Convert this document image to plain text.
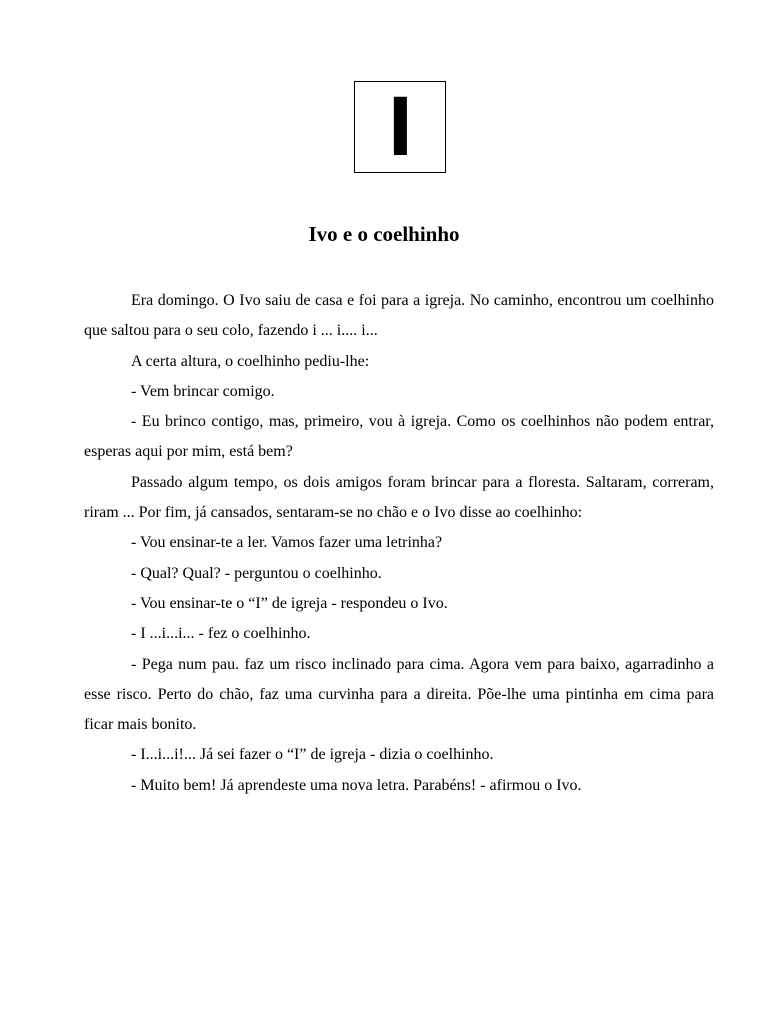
I
Ivo e o coelhinho

Era domingo. O Ivo saiu de casa e foi para a igreja. No caminho, encontrou um coelhinho que saltou para o seu colo, fazendo i ... i.... i...

A certa altura, o coelhinho pediu-lhe:

- Vem brincar comigo.

- Eu brinco contigo, mas, primeiro, vou à igreja. Como os coelhinhos não podem entrar, esperas aqui por mim, está bem?

Passado algum tempo, os dois amigos foram brincar para a floresta. Saltaram, correram, riram ... Por fim, já cansados, sentaram-se no chão e o Ivo disse ao coelhinho:

- Vou ensinar-te a ler. Vamos fazer uma letrinha?

- Qual? Qual? - perguntou o coelhinho.

- Vou ensinar-te o “I” de igreja - respondeu o Ivo.

- I ...i...i... - fez o coelhinho.

- Pega num pau. faz um risco inclinado para cima. Agora vem para baixo, agarradinho a esse risco. Perto do chão, faz uma curvinha para a direita. Põe-lhe uma pintinha em cima para ficar mais bonito.

- I...i...i!... Já sei fazer o “I” de igreja - dizia o coelhinho.

- Muito bem! Já aprendeste uma nova letra. Parabéns! - afirmou o Ivo.
